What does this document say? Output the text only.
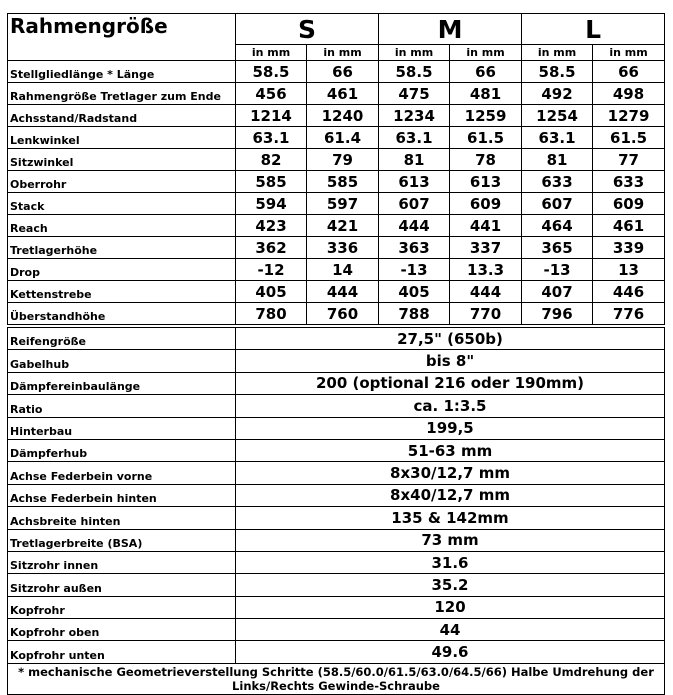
Rahmengröße	S		M		L	
	in mm	in mm	in mm	in mm	in mm	in mm
Stellgliedlänge * Länge	58.5	66	58.5	66	58.5	66
Rahmengröße Tretlager zum Ende	456	461	475	481	492	498
Achsstand/Radstand	1214	1240	1234	1259	1254	1279
Lenkwinkel	63.1	61.4	63.1	61.5	63.1	61.5
Sitzwinkel	82	79	81	78	81	77
Oberrohr	585	585	613	613	633	633
Stack	594	597	607	609	607	609
Reach	423	421	444	441	464	461
Tretlagerhöhe	362	336	363	337	365	339
Drop	-12	14	-13	13.3	-13	13
Kettenstrebe	405	444	405	444	407	446
Überstandhöhe	780	760	788	770	796	776
Reifengröße	27,5" (650b)
Gabelhub	bis 8"
Dämpfereinbaulänge	200 (optional 216 oder 190mm)
Ratio	ca. 1:3.5
Hinterbau	199,5
Dämpferhub	51-63 mm
Achse Federbein vorne	8x30/12,7 mm
Achse Federbein hinten	8x40/12,7 mm
Achsbreite hinten	135 & 142mm
Tretlagerbreite (BSA)	73 mm
Sitzrohr innen	31.6
Sitzrohr außen	35.2
Kopfrohr	120
Kopfrohr oben	44
Kopfrohr unten	49.6
* mechanische Geometrieverstellung Schritte (58.5/60.0/61.5/63.0/64.5/66) Halbe Umdrehung der Links/Rechts Gewinde-Schraube	
